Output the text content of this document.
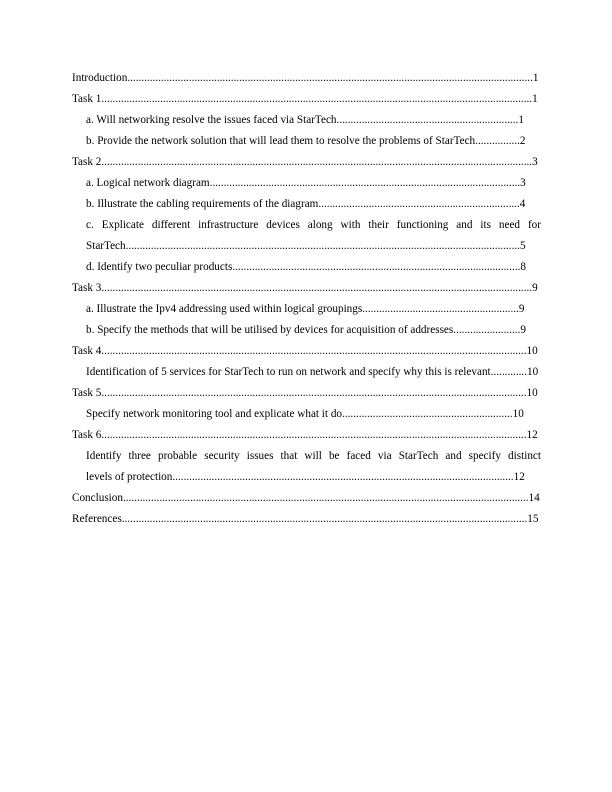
Introduction.................................................................................................................................................1
Task 1..........................................................................................................................................................1
a. Will networking resolve the issues faced via StarTech.................................................................1
b. Provide the network solution that will lead them to resolve the problems of StarTech................2
Task 2..........................................................................................................................................................3
a. Logical network diagram...............................................................................................................3
b. Illustrate the cabling requirements of the diagram........................................................................4
c. Explicate different infrastructure devices along with their functioning and its need for
StarTech.............................................................................................................................................5
d. Identify two peculiar products.......................................................................................................8
Task 3..........................................................................................................................................................9
a. Illustrate the Ipv4 addressing used within logical groupings........................................................9
b. Specify the methods that will be utilised by devices for acquisition of addresses........................9
Task 4........................................................................................................................................................10
Identification of 5 services for StarTech to run on network and specify why this is relevant.............10
Task 5........................................................................................................................................................10
Specify network monitoring tool and explicate what it do.............................................................10
Task 6........................................................................................................................................................12
Identify three probable security issues that will be faced via StarTech and specify distinct
levels of protection..........................................................................................................................12
Conclusion.................................................................................................................................................14
References.................................................................................................................................................15
